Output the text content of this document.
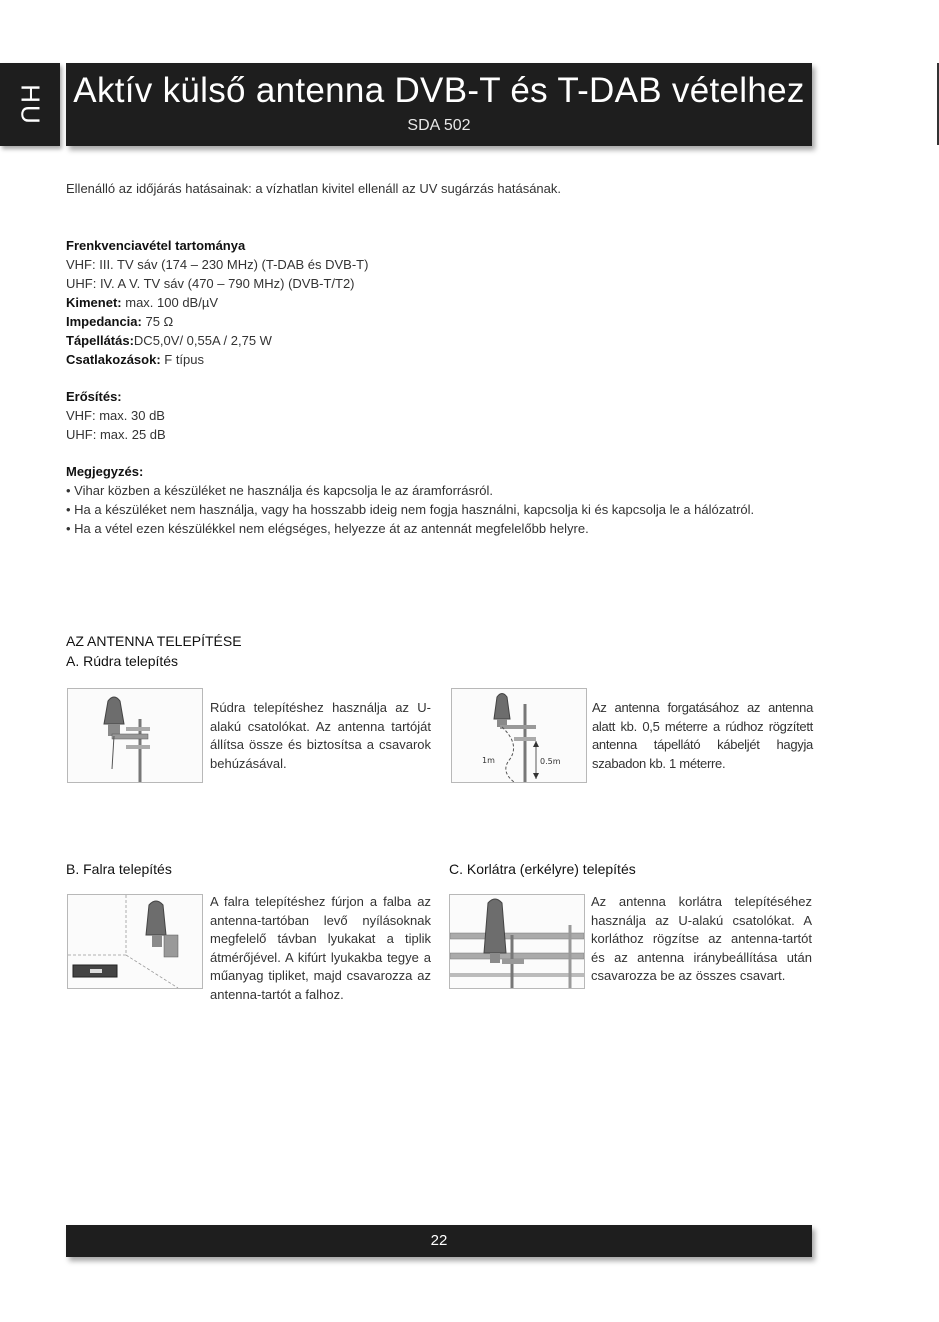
HU Aktív külső antenna DVB-T és T-DAB vételhez
SDA 502

Ellenálló az időjárás hatásainak: a vízhatlan kivitel ellenáll az UV sugárzás hatásának.

Frenkvenciavétel tartománya

VHF: III. TV sáv (174 – 230 MHz) (T-DAB és DVB-T)

UHF: IV. A V. TV sáv (470 – 790 MHz) (DVB-T/T2)

Kimenet: max. 100 dB/µV

Impedancia: 75 Ω

Tápellátás:DC5,0V/ 0,55A / 2,75 W

Csatlakozások: F típus

Erősítés:

VHF: max. 30 dB

UHF: max. 25 dB

Megjegyzés:

• Vihar közben a készüléket ne használja és kapcsolja le az áramforrásról.

• Ha a készüléket nem használja, vagy ha hosszabb ideig nem fogja használni, kapcsolja ki és kapcsolja le a hálózatról.

• Ha a vétel ezen készülékkel nem elégséges, helyezze át az antennát megfelelőbb helyre.

AZ ANTENNA TELEPÍTÉSE
A. Rúdra telepítés
Rúdra telepítéshez használja az U-alakú csatolókat. Az antenna tartóját állítsa össze és biztosítsa a csavarok behúzásával.	1m	0.5m
Az antenna forgatásához az antenna alatt kb. 0,5 méterre a rúdhoz rögzített antenna tápellátó kábeljét hagyja szabadon kb. 1 méterre.
B. Falra telepítés	C. Korlátra (erkélyre) telepítés
A falra telepítéshez fúrjon a falba az antenna-tartóban levő nyílásoknak megfelelő távban lyukakat a tiplik átmérőjével. A kifúrt lyukakba tegye a műanyag tipliket, majd csavarozza az antenna-tartót a falhoz.
Az antenna korlátra telepítéséhez használja az U-alakú csatolókat. A korláthoz rögzítse az antenna-tartót és az antenna iránybeállítása után csavarozza be az összes csavart.
22
